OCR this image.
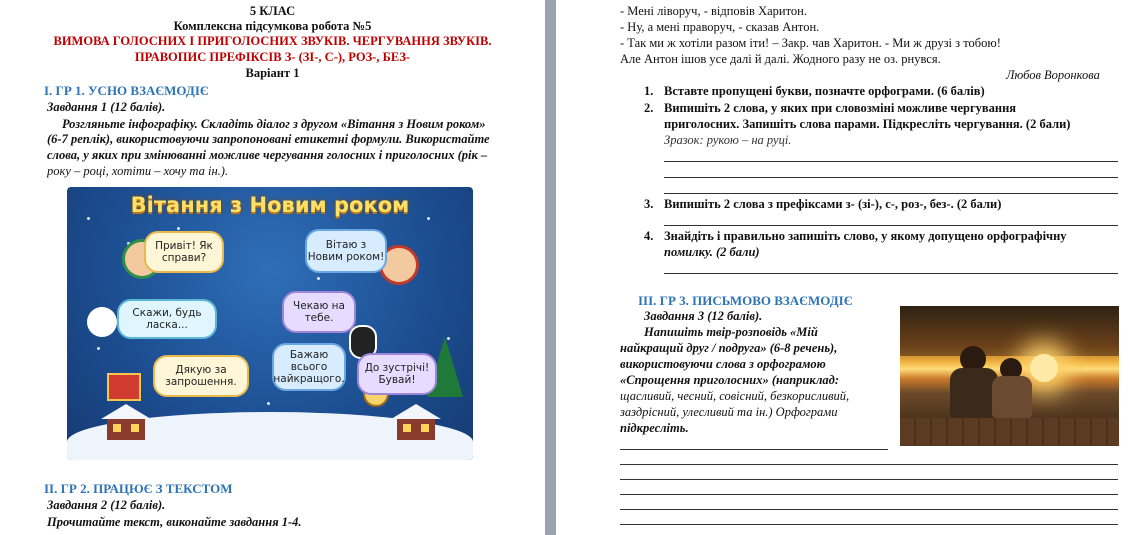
5 КЛАС
Комплексна підсумкова робота №5
ВИМОВА ГОЛОСНИХ І ПРИГОЛОСНИХ ЗВУКІВ. ЧЕРГУВАННЯ ЗВУКІВ.
ПРАВОПИС ПРЕФІКСІВ З- (ЗІ-, С-), РОЗ-, БЕЗ-
Варіант 1
І. ГР 1. УСНО ВЗАЄМОДІЄ
Завдання 1 (12 балів).
Розгляньте інфографіку. Складіть діалог з другом «Вітання з Новим роком»
(6-7 реплік), використовуючи запропоновані етикетні формули. Використайте
слова, у яких при змінюванні можливе чергування голосних і приголосних (рік –
року – році, хотіти – хочу та ін.).
Вітання з Новим роком
Привіт! Як справи?
Вітаю з Новим роком!
Скажи, будь ласка...
Чекаю на тебе.
Дякую за запрошення.
Бажаю всього найкращого.
До зустрічі! Бувай!
ІІ. ГР 2. ПРАЦЮЄ З ТЕКСТОМ
Завдання 2 (12 балів).
Прочитайте текст, виконайте завдання 1-4.
- Мені ліворуч, - відповів Харитон.
- Ну, а мені праворуч, - сказав Антон.
- Так ми ж хотіли разом іти! – Закр. чав Харитон. - Ми ж друзі з тобою!
Але Антон ішов усе далі й далі. Жодного разу не оз. рнувся.
Любов Воронкова
1. Вставте пропущені букви, позначте орфограми. (6 балів)
2. Випишіть 2 слова, у яких при словозміні можливе чергування
приголосних. Запишіть слова парами. Підкресліть чергування. (2 бали)
Зразок: рукою – на руці.
3. Випишіть 2 слова з префіксами з- (зі-), с-, роз-, без-. (2 бали)
4. Знайдіть і правильно запишіть слово, у якому допущено орфографічну
помилку. (2 бали)
ІІІ. ГР 3. ПИСЬМОВО ВЗАЄМОДІЄ
Завдання 3 (12 балів).
Напишіть твір-розповідь «Мій
найкращий друг / подруга» (6-8 речень),
використовуючи слова з орфограмою
«Спрощення приголосних» (наприклад:
щасливий, чесний, совісний, безкорисливий,
заздрісний, улесливий та ін.) Орфограми
підкресліть.
